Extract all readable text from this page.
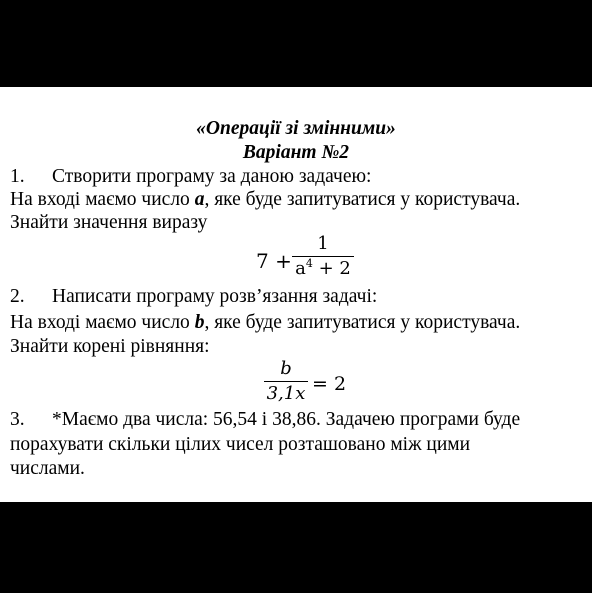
«Операції зі змінними»
Варіант №2
1. Створити програму за даною задачею:
На вході маємо число a, яке буде запитуватися у користувача.
Знайти значення виразу
7 +
1
$a^4 + 2$
2. Написати програму розв’язання задачі:
На вході маємо число b, яке буде запитуватися у користувача.
Знайти корені рівняння:
b
3,1x = 2
3. *Маємо два числа: 56,54 і 38,86. Задачею програми буде
порахувати скільки цілих чисел розташовано між цими
числами.
